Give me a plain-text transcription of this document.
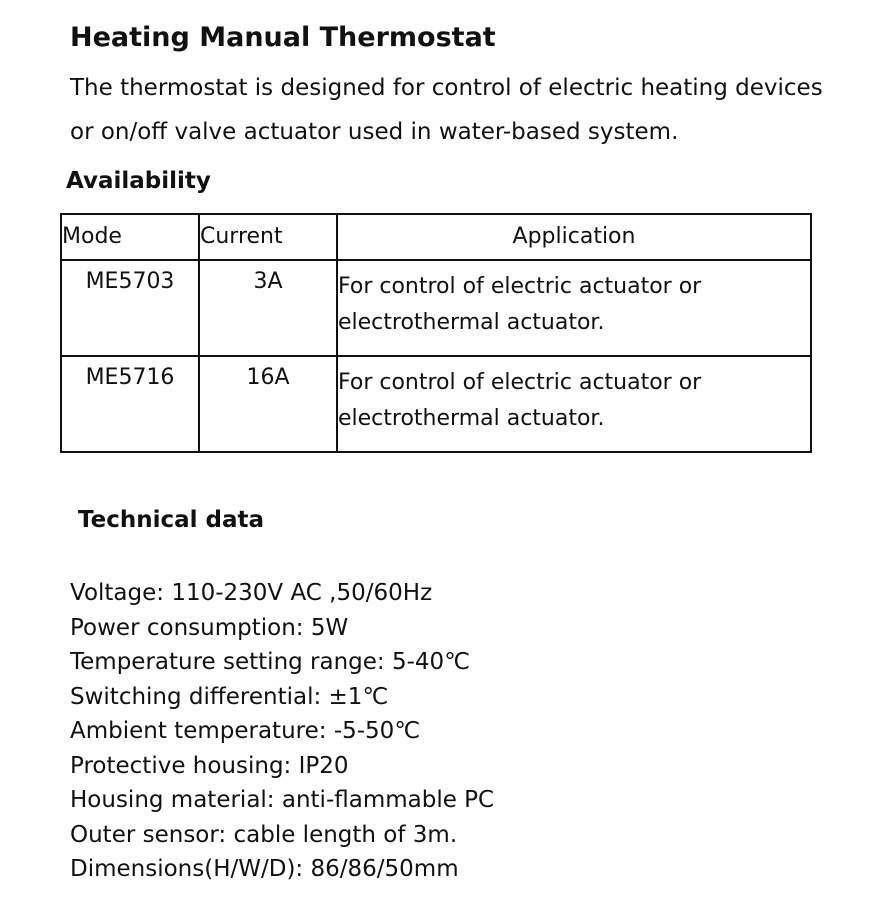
Heating Manual Thermostat

The thermostat is designed for control of electric heating devices
or on/off valve actuator used in water-based system.

Availability
Mode	Current	Application
ME5703	3A	For control of electric actuator or
electrothermal actuator.

ME5716	16A	For control of electric actuator or
electrothermal actuator.
Technical data
Voltage: 110-230V AC ,50/60Hz
Power consumption: 5W
Temperature setting range: 5-40℃
Switching differential: ±1℃
Ambient temperature: -5-50℃
Protective housing: IP20
Housing material: anti-flammable PC
Outer sensor: cable length of 3m.
Dimensions(H/W/D): 86/86/50mm
